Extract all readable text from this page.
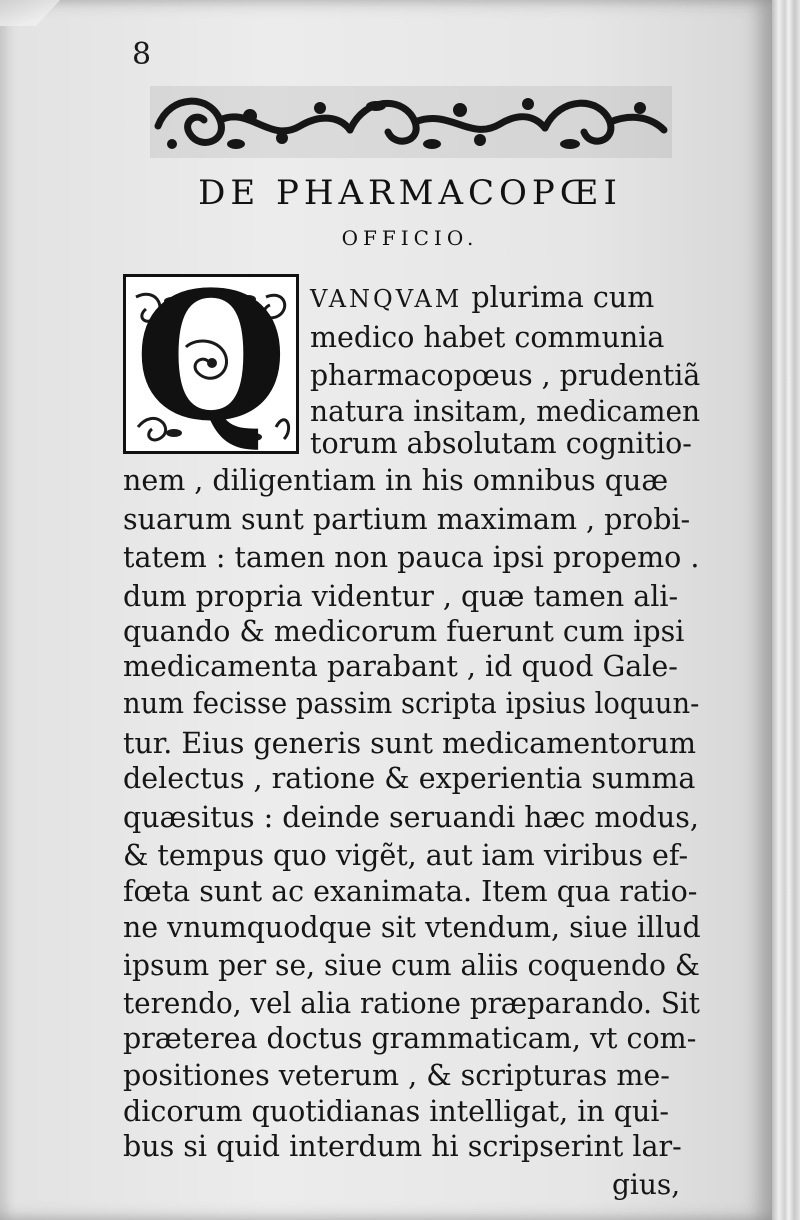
8
DE PHARMACOPŒI
OFFICIO.
Q VANQVAM plurima cum
medico habet communia
pharmacopœus , prudentiã
natura insitam, medicamen
torum absolutam cognitio-
nem , diligentiam in his omnibus quæ
suarum sunt partium maximam , probi-
tatem : tamen non pauca ipsi propemo .
dum propria videntur , quæ tamen ali-
quando & medicorum fuerunt cum ipsi
medicamenta parabant , id quod Gale-
num fecisse passim scripta ipsius loquun-
tur. Eius generis sunt medicamentorum
delectus , ratione & experientia summa
quæsitus : deinde seruandi hæc modus,
& tempus quo vigẽt, aut iam viribus ef-
fœta sunt ac exanimata. Item qua ratio-
ne vnumquodque sit vtendum, siue illud
ipsum per se, siue cum aliis coquendo &
terendo, vel alia ratione præparando. Sit
præterea doctus grammaticam, vt com-
positiones veterum , & scripturas me-
dicorum quotidianas intelligat, in qui-
bus si quid interdum hi scripserint lar-
gius,
